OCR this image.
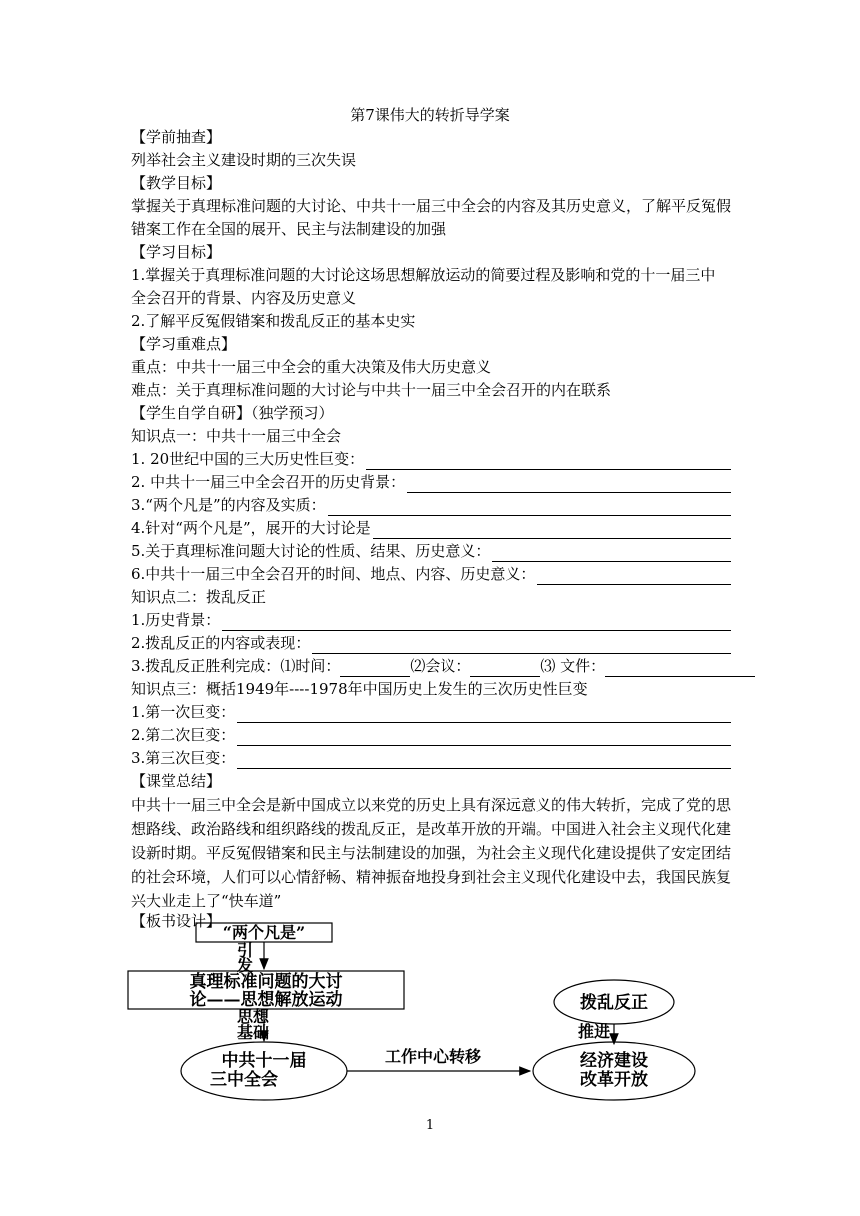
第7课伟大的转折导学案
【学前抽查】
列举社会主义建设时期的三次失误
【教学目标】
掌握关于真理标准问题的大讨论、中共十一届三中全会的内容及其历史意义，了解平反冤假
错案工作在全国的展开、民主与法制建设的加强
【学习目标】
1.掌握关于真理标准问题的大讨论这场思想解放运动的简要过程及影响和党的十一届三中
全会召开的背景、内容及历史意义
2.了解平反冤假错案和拨乱反正的基本史实
【学习重难点】
重点：中共十一届三中全会的重大决策及伟大历史意义
难点：关于真理标准问题的大讨论与中共十一届三中全会召开的内在联系
【学生自学自研】（独学预习）
知识点一：中共十一届三中全会
1. 20世纪中国的三大历史性巨变：
2. 中共十一届三中全会召开的历史背景：
3.“两个凡是”的内容及实质：
4.针对“两个凡是”，展开的大讨论是
5.关于真理标准问题大讨论的性质、结果、历史意义：
6.中共十一届三中全会召开的时间、地点、内容、历史意义：
知识点二：拨乱反正
1.历史背景：
2.拨乱反正的内容或表现：
3.拨乱反正胜利完成：⑴时间：	⑵会议：	⑶ 文件：
知识点三：概括1949年----1978年中国历史上发生的三次历史性巨变
1.第一次巨变：
2.第二次巨变：
3.第三次巨变：
【课堂总结】
中共十一届三中全会是新中国成立以来党的历史上具有深远意义的伟大转折，完成了党的思想路线、政治路线和组织路线的拨乱反正，是改革开放的开端。中国进入社会主义现代化建设新时期。平反冤假错案和民主与法制建设的加强，为社会主义现代化建设提供了安定团结的社会环境，人们可以心情舒畅、精神振奋地投身到社会主义现代化建设中去，我国民族复兴大业走上了“快车道”
【板书设计】
“两个凡是”
引
发
真理标准问题的大讨
论——思想解放运动
思想
基础
中共十一届
三中全会
工作中心转移
拨乱反正
推进
经济建设
改革开放
1
